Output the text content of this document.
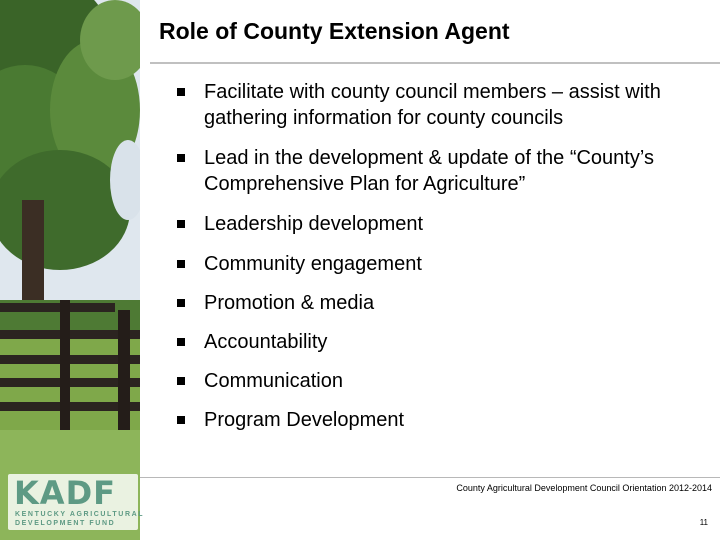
Role of County Extension Agent
Facilitate with county council members – assist with gathering information for county councils
Lead in the development & update of the “County’s Comprehensive Plan for Agriculture”
Leadership development
Community engagement
Promotion & media
Accountability
Communication
Program Development
County Agricultural Development Council Orientation 2012-2014
11
KADF
KENTUCKY AGRICULTURAL
DEVELOPMENT FUND
